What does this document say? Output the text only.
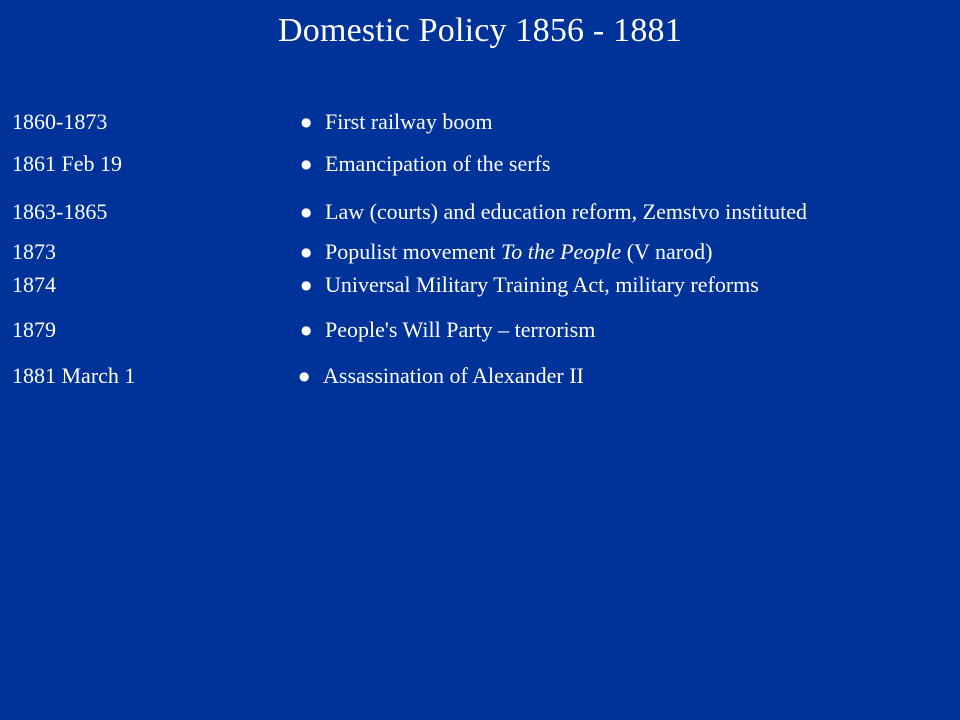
Domestic Policy 1856 - 1881
1860-1873	● First railway boom
1861 Feb 19	● Emancipation of the serfs
1863-1865	● Law (courts) and education reform, Zemstvo instituted
1873	● Populist movement To the People (V narod)
1874	● Universal Military Training Act, military reforms
1879	● People's Will Party – terrorism
1881 March 1	● Assassination of Alexander II
